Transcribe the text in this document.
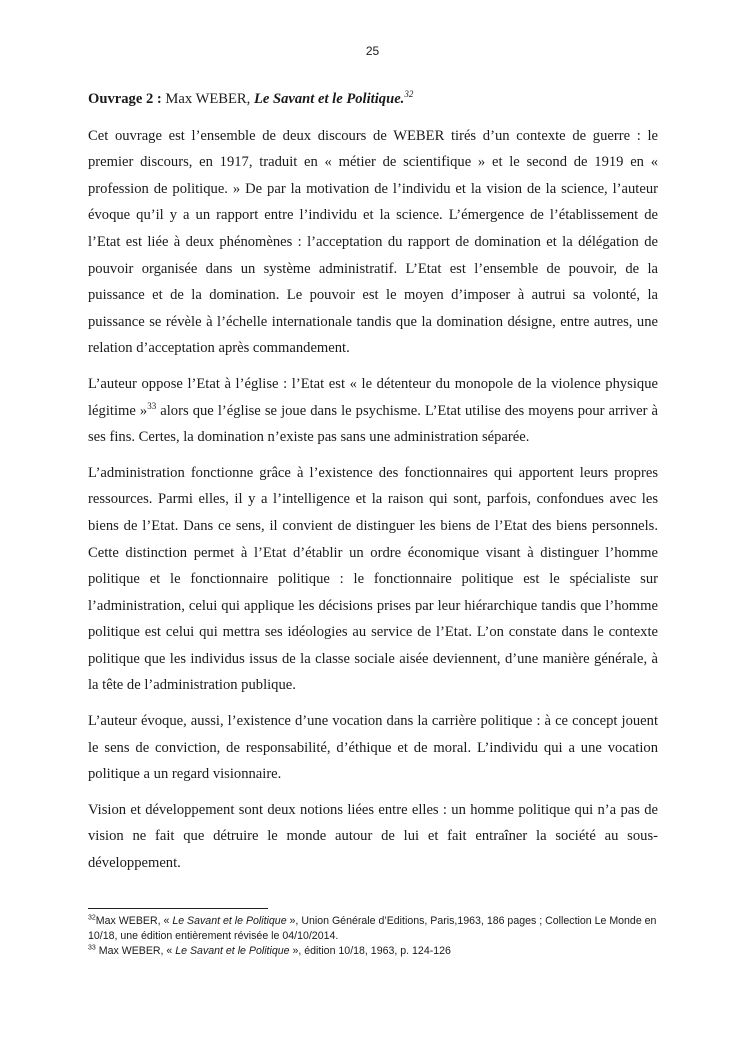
25

Ouvrage 2 : Max WEBER, Le Savant et le Politique.$^{32}$

Cet ouvrage est l’ensemble de deux discours de WEBER tirés d’un contexte de guerre : le premier discours, en 1917, traduit en « métier de scientifique » et le second de 1919 en « profession de politique. » De par la motivation de l’individu et la vision de la science, l’auteur évoque qu’il y a un rapport entre l’individu et la science. L’émergence de l’établissement de l’Etat est liée à deux phénomènes : l’acceptation du rapport de domination et la délégation de pouvoir organisée dans un système administratif. L’Etat est l’ensemble de pouvoir, de la puissance et de la domination. Le pouvoir est le moyen d’imposer à autrui sa volonté, la puissance se révèle à l’échelle internationale tandis que la domination désigne, entre autres, une relation d’acceptation après commandement.

L’auteur oppose l’Etat à l’église : l’Etat est « le détenteur du monopole de la violence physique légitime »$^{33}$ alors que l’église se joue dans le psychisme. L’Etat utilise des moyens pour arriver à ses fins. Certes, la domination n’existe pas sans une administration séparée.

L’administration fonctionne grâce à l’existence des fonctionnaires qui apportent leurs propres ressources. Parmi elles, il y a l’intelligence et la raison qui sont, parfois, confondues avec les biens de l’Etat. Dans ce sens, il convient de distinguer les biens de l’Etat des biens personnels. Cette distinction permet à l’Etat d’établir un ordre économique visant à distinguer l’homme politique et le fonctionnaire politique : le fonctionnaire politique est le spécialiste sur l’administration, celui qui applique les décisions prises par leur hiérarchique tandis que l’homme politique est celui qui mettra ses idéologies au service de l’Etat. L’on constate dans le contexte politique que les individus issus de la classe sociale aisée deviennent, d’une manière générale, à la tête de l’administration publique.

L’auteur évoque, aussi, l’existence d’une vocation dans la carrière politique : à ce concept jouent le sens de conviction, de responsabilité, d’éthique et de moral. L’individu qui a une vocation politique a un regard visionnaire.

Vision et développement sont deux notions liées entre elles : un homme politique qui n’a pas de vision ne fait que détruire le monde autour de lui et fait entraîner la société au sous-développement.

$^{32}$Max WEBER, « Le Savant et le Politique », Union Générale d’Editions, Paris,1963, 186 pages ; Collection Le Monde en 10/18, une édition entièrement révisée le 04/10/2014.

$^{33}$ Max WEBER, « Le Savant et le Politique », édition 10/18, 1963, p. 124-126
